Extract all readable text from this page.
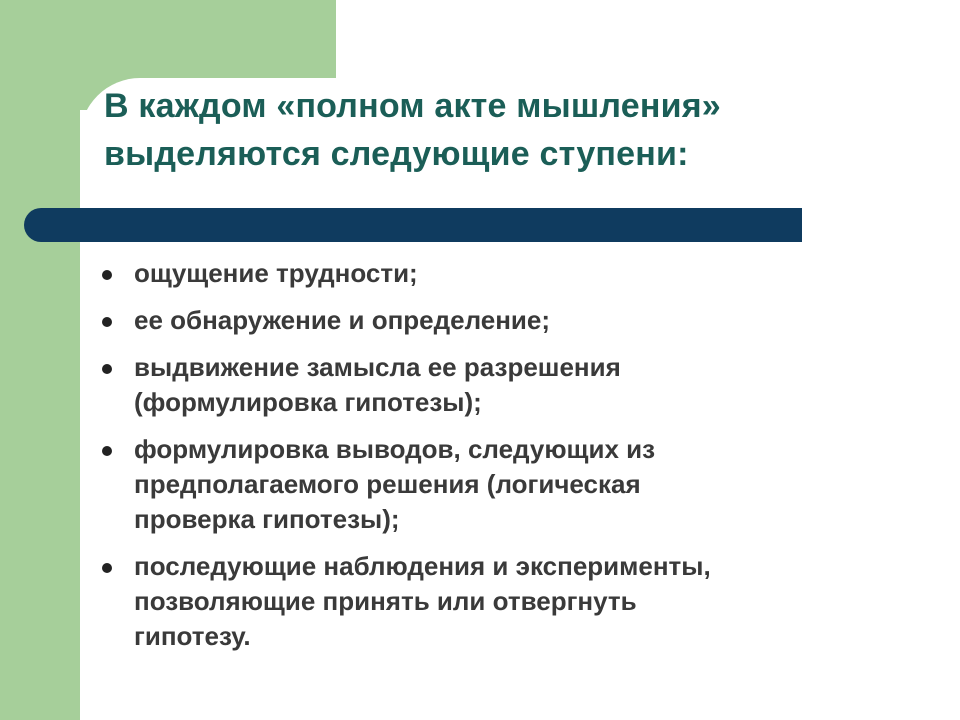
В каждом «полном акте мышления»
выделяются следующие ступени:
ощущение трудности;
ее обнаружение и определение;
выдвижение замысла ее разрешения
(формулировка гипотезы);
формулировка выводов, следующих из
предполагаемого решения (логическая
проверка гипотезы);
последующие наблюдения и эксперименты,
позволяющие принять или отвергнуть
гипотезу.
